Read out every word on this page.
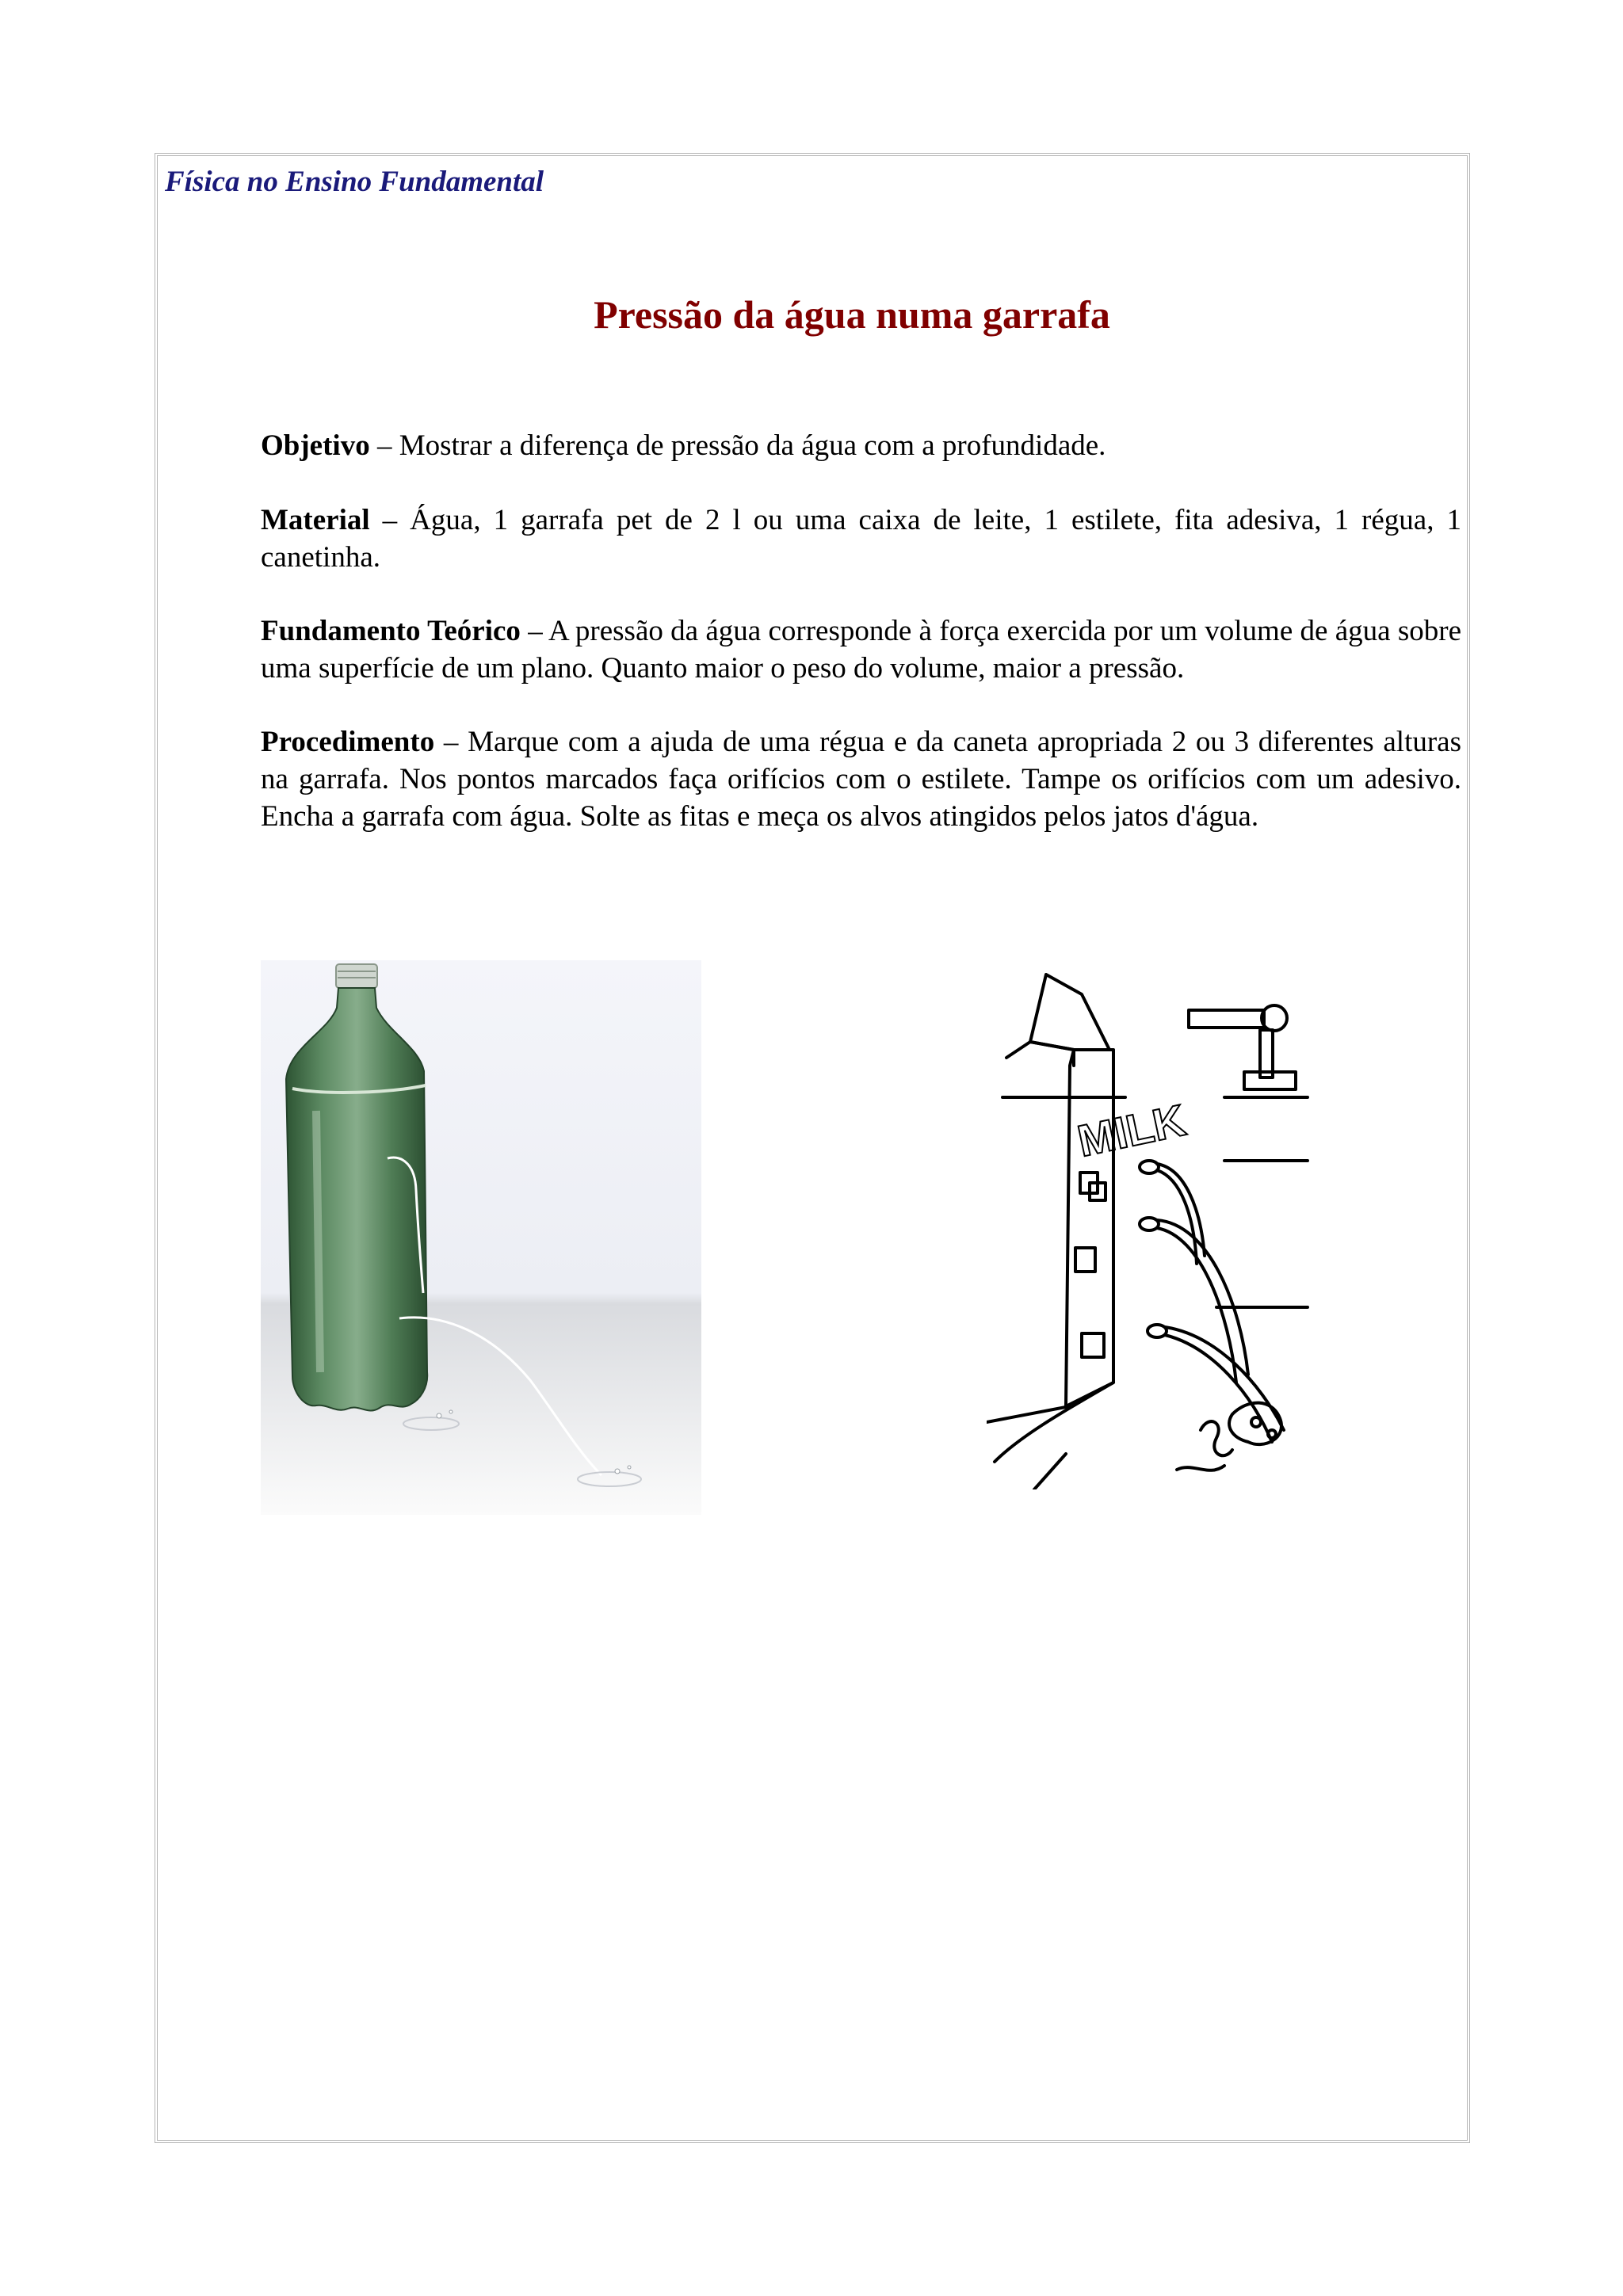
Física no Ensino Fundamental
Pressão da água numa garrafa
Objetivo – Mostrar a diferença de pressão da água com a profundidade.
Material – Água, 1 garrafa pet de 2 l ou uma caixa de leite, 1 estilete, fita adesiva, 1 régua, 1 canetinha.
Fundamento Teórico – A pressão da água corresponde à força exercida por um volume de água sobre uma superfície de um plano. Quanto maior o peso do volume, maior a pressão.
Procedimento – Marque com a ajuda de uma régua e da caneta apropriada 2 ou 3 diferentes alturas na garrafa. Nos pontos marcados faça orifícios com o estilete. Tampe os orifícios com um adesivo. Encha a garrafa com água. Solte as fitas e meça os alvos atingidos pelos jatos d'água.
MILK
